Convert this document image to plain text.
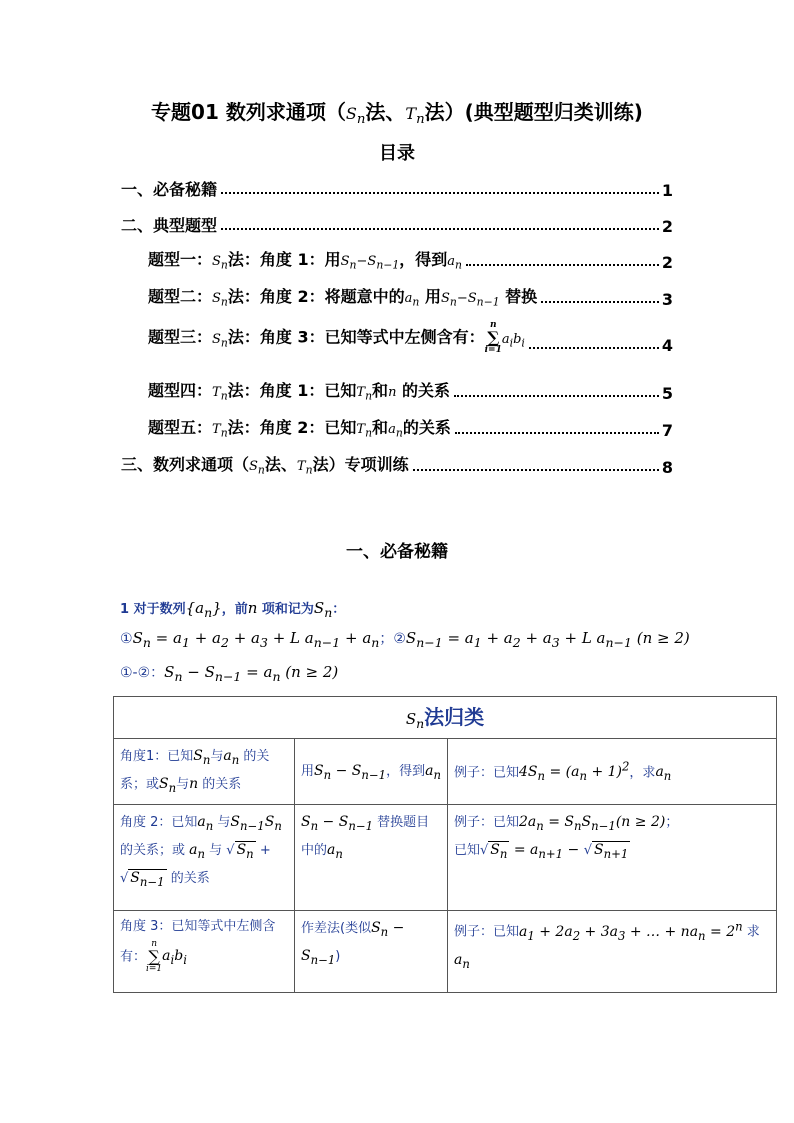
专题01 数列求通项（$S_n$法、$T_n$法）(典型题型归类训练)
目录
一、必备秘籍	1
二、典型题型	2
题型一：$S_n$法：角度 1：用$S_n-S_{n-1}$，得到$a_n$	2
题型二：$S_n$法：角度 2：将题意中的$a_n$ 用$S_n-S_{n-1}$ 替换	3
题型三：$S_n$法：角度 3：已知等式中左侧含有：
n
∑
i=1
$a_ib_i$	4
题型四：$T_n$法：角度 1：已知$T_n$和n 的关系	5
题型五：$T_n$法：角度 2：已知$T_n$和$a_n$的关系	7
三、数列求通项（$S_n$法、$T_n$法）专项训练	8
一、必备秘籍
1 对于数列$\{a_n\}$，前n 项和记为$S_n$：
$①S_n = a_1 + a_2 + a_3 + L$ $a_{n-1} + a_n$；$②S_{n-1} = a_1 + a_2 + a_3 + L$ $a_{n-1}$ (n ≥ 2)
①-②：$S_n - S_{n-1} = a_n$ (n ≥ 2)
$S_n$法归类		
角度1：已知$S_n$与$a_n$ 的关系；或$S_n$与n 的关系	用$S_n - S_{n-1}$，得到$a_n$	例子：已知$4S_n = (a_n + 1)^2$，求$a_n$
角度 2：已知$a_n$ 与$S_{n-1}S_n$ 的关系；或 $a_n$ 与 √ $S_n$ + √ $S_{n-1}$ 的关系	$S_n - S_{n-1}$ 替换题目中的$a_n$	例子：已知$2a_n = S_nS_{n-1}(n \ge 2)$；
已知√ $S_n = a_{n+1}$ − √ $S_{n+1}$
角度 3：已知等式中左侧含有：
n
∑
i=1
$a_ib_i$	作差法(类似$S_n - S_{n-1}$)	例子：已知$a_1 + 2a_2 + 3a_3$ + … + $na_n = 2^n$ 求$a_n$
